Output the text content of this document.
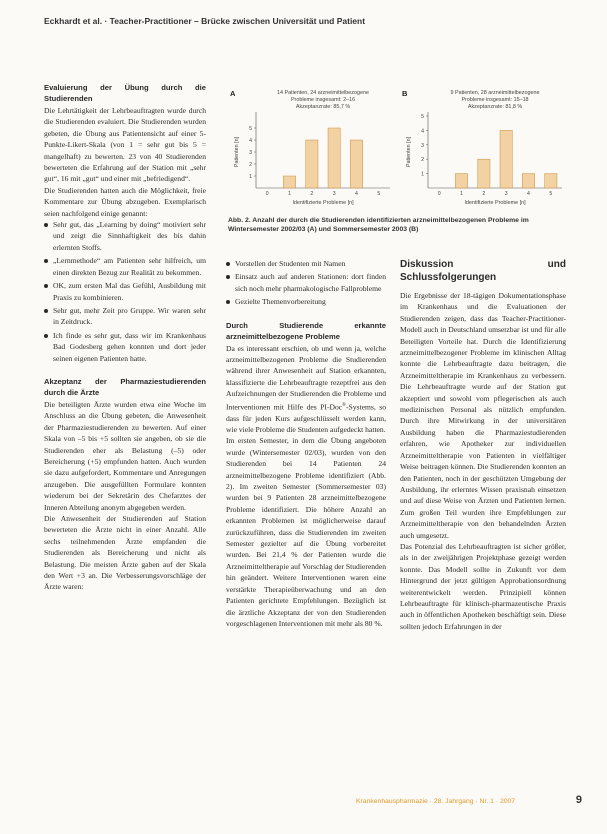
Eckhardt et al. · Teacher-Practitioner – Brücke zwischen Universität und Patient
Evaluierung der Übung durch die Studierenden

Die Lehrtätigkeit der Lehrbeauftragten wurde durch die Studierenden evaluiert. Die Studierenden wurden gebeten, die Übung aus Patientensicht auf einer 5-Punkte-Likert-Skala (von 1 = sehr gut bis 5 = mangelhaft) zu bewerten. 23 von 40 Studierenden bewerteten die Erfahrung auf der Station mit „sehr gut“, 16 mit „gut“ und einer mit „befriedigend“.

Die Studierenden hatten auch die Möglichkeit, freie Kommentare zur Übung abzugeben. Exemplarisch seien nachfolgend einige genannt:

Sehr gut, das „Learning by doing“ motiviert sehr und zeigt die Sinnhaftigkeit des bis dahin erlernten Stoffs.
„Lernmethode“ am Patienten sehr hilfreich, um einen direkten Bezug zur Realität zu bekommen.
OK, zum ersten Mal das Gefühl, Ausbildung mit Praxis zu kombinieren.
Sehr gut, mehr Zeit pro Gruppe. Wir waren sehr in Zeitdruck.
Ich finde es sehr gut, dass wir im Krankenhaus Bad Godesberg gehen konnten und dort jeder seinen eigenen Patienten hatte.
Akzeptanz der Pharmaziestudierenden durch die Ärzte

Die beteiligten Ärzte wurden etwa eine Woche im Anschluss an die Übung gebeten, die Anwesenheit der Pharmaziestudierenden zu bewerten. Auf einer Skala von –5 bis +5 sollten sie angeben, ob sie die Studierenden eher als Belastung (–5) oder Bereicherung (+5) empfunden hatten. Auch wurden sie dazu aufgefordert, Kommentare und Anregungen anzugeben. Die ausgefüllten Formulare konnten wiederum bei der Sekretärin des Chefarztes der Inneren Abteilung anonym abgegeben werden.

Die Anwesenheit der Studierenden auf Station bewerteten die Ärzte nicht in einer Anzahl. Alle sechs teilnehmenden Ärzte empfanden die Studierenden als Bereicherung und nicht als Belastung. Die meisten Ärzte gaben auf der Skala den Wert +3 an. Die Verbesserungsvorschläge der Ärzte waren:

A	14 Patienten, 24 arzneimittelbezogene
Probleme insgesamt: 2–16
Akzeptanzrate: 85,7 %
1
2
3
4
5
0	1	2	3	4	5
Identifizierte Probleme [n]
Patienten [n]
B	9 Patienten, 28 arzneimittelbezogene
Probleme insgesamt: 15–18
Akzeptanzrate: 81,8 %
1
2
3
4
5
0	1	2	3	4	5
Identifizierte Probleme [n]
Patienten [n]
Abb. 2. Anzahl der durch die Studierenden identifizierten arzneimittelbezogenen Probleme im Wintersemester 2002/03 (A) und Sommersemester 2003 (B)
Vorstellen der Studenten mit Namen
Einsatz auch auf anderen Stationen: dort finden sich noch mehr pharmakologische Fallprobleme
Gezielte Themenvorbereitung
Durch Studierende erkannte arzneimittelbezogene Probleme

Da es interessant erschien, ob und wenn ja, welche arzneimittelbezogenen Probleme die Studierenden während ihrer Anwesenheit auf Station erkannten, klassifizierte die Lehrbeauftragte rezeptfrei aus den Aufzeichnungen der Studierenden die Probleme und Interventionen mit Hilfe des PI-Doc®-Systems, so dass für jeden Kurs aufgeschlüsselt werden kann, wie viele Probleme die Studenten aufgedeckt hatten.

Im ersten Semester, in dem die Übung angeboten wurde (Wintersemester 02/03), wurden von den Studierenden bei 14 Patienten 24 arzneimittelbezogene Probleme identifiziert (Abb. 2). Im zweiten Semester (Sommersemester 03) wurden bei 9 Patienten 28 arzneimittelbezogene Probleme identifiziert. Die höhere Anzahl an erkannten Problemen ist möglicherweise darauf zurückzuführen, dass die Studierenden im zweiten Semester gezielter auf die Übung vorbereitet wurden. Bei 21,4 % der Patienten wurde die Arzneimitteltherapie auf Vorschlag der Studierenden hin geändert. Weitere Interventionen waren eine verstärkte Therapieüberwachung und an den Patienten gerichtete Empfehlungen. Bezüglich ist die ärztliche Akzeptanz der von den Studierenden vorgeschlagenen Interventionen mit mehr als 80 %.

Diskussion und Schlussfolgerungen

Die Ergebnisse der 18-tägigen Dokumentationsphase im Krankenhaus und die Evaluationen der Studierenden zeigen, dass das Teacher-Practitioner-Modell auch in Deutschland umsetzbar ist und für alle Beteiligten Vorteile hat. Durch die Identifizierung arzneimittelbezogener Probleme im klinischen Alltag konnte die Lehrbeauftragte dazu beitragen, die Arzneimitteltherapie im Krankenhaus zu verbessern. Die Lehrbeauftragte wurde auf der Station gut akzeptiert und sowohl vom pflegerischen als auch medizinischen Personal als nützlich empfunden. Durch ihre Mitwirkung in der universitären Ausbildung haben die Pharmaziestudierenden erfahren, wie Apotheker zur individuellen Arzneimitteltherapie von Patienten in vielfältiger Weise beitragen können. Die Studierenden konnten an den Patienten, noch in der geschützten Umgebung der Ausbildung, ihr erlerntes Wissen praxisnah einsetzen und auf diese Weise von Ärzten und Patienten lernen. Zum großen Teil wurden ihre Empfehlungen zur Arzneimitteltherapie von den behandelnden Ärzten auch umgesetzt.

Das Potenzial des Lehrbeauftragten ist sicher größer, als in der zweijährigen Projektphase gezeigt werden konnte. Das Modell sollte in Zukunft vor dem Hintergrund der jetzt gültigen Approbationsordnung weiterentwickelt werden. Prinzipiell können Lehrbeauftragte für klinisch-pharmazeutische Praxis auch in öffentlichen Apotheken beschäftigt sein. Diese sollten jedoch Erfahrungen in der

Krankenhauspharmazie · 28. Jahrgang · Nr. 1 · 2007	9
